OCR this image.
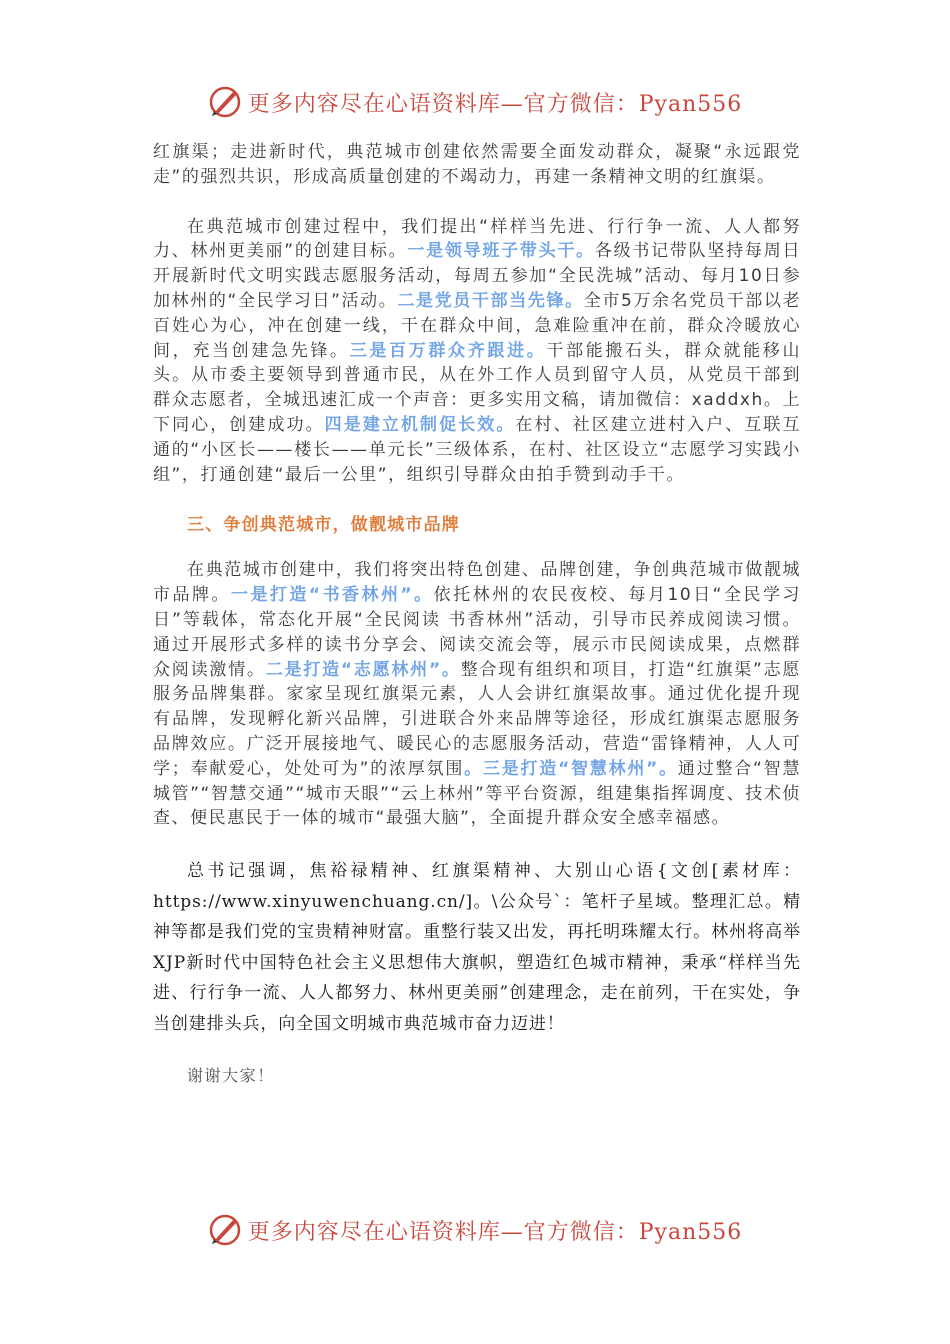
更多内容尽在心语资料库—官方微信：Pyan556

红旗渠；走进新时代，典范城市创建依然需要全面发动群众，凝聚“永远跟党走”的强烈共识，形成高质量创建的不竭动力，再建一条精神文明的红旗渠。

在典范城市创建过程中，我们提出“样样当先进、行行争一流、人人都努力、林州更美丽”的创建目标。一是领导班子带头干。各级书记带队坚持每周日开展新时代文明实践志愿服务活动，每周五参加“全民洗城”活动、每月10日参加林州的“全民学习日”活动。二是党员干部当先锋。全市5万余名党员干部以老百姓心为心，冲在创建一线，干在群众中间，急难险重冲在前，群众冷暖放心间，充当创建急先锋。三是百万群众齐跟进。干部能搬石头，群众就能移山头。从市委主要领导到普通市民，从在外工作人员到留守人员，从党员干部到群众志愿者，全城迅速汇成一个声音：更多实用文稿，请加微信：xaddxh。上下同心，创建成功。四是建立机制促长效。在村、社区建立进村入户、互联互通的“小区长——楼长——单元长”三级体系，在村、社区设立“志愿学习实践小组”，打通创建“最后一公里”，组织引导群众由拍手赞到动手干。

三、争创典范城市，做靓城市品牌

在典范城市创建中，我们将突出特色创建、品牌创建，争创典范城市做靓城市品牌。一是打造“书香林州”。依托林州的农民夜校、每月10日“全民学习日”等载体，常态化开展“全民阅读 书香林州”活动，引导市民养成阅读习惯。通过开展形式多样的读书分享会、阅读交流会等，展示市民阅读成果，点燃群众阅读激情。二是打造“志愿林州”。整合现有组织和项目，打造“红旗渠”志愿服务品牌集群。家家呈现红旗渠元素，人人会讲红旗渠故事。通过优化提升现有品牌，发现孵化新兴品牌，引进联合外来品牌等途径，形成红旗渠志愿服务品牌效应。广泛开展接地气、暖民心的志愿服务活动，营造“雷锋精神，人人可学；奉献爱心，处处可为”的浓厚氛围。三是打造“智慧林州”。通过整合“智慧城管”“智慧交通”“城市天眼”“云上林州”等平台资源，组建集指挥调度、技术侦查、便民惠民于一体的城市“最强大脑”，全面提升群众安全感幸福感。

总书记强调，焦裕禄精神、红旗渠精神、大别山心语{文创[素材库：https://www.xinyuwenchuang.cn/]。\公众号`：笔杆子星域。整理汇总。精神等都是我们党的宝贵精神财富。重整行装又出发，再托明珠耀太行。林州将高举XJP新时代中国特色社会主义思想伟大旗帜，塑造红色城市精神，秉承“样样当先进、行行争一流、人人都努力、林州更美丽”创建理念，走在前列，干在实处，争当创建排头兵，向全国文明城市典范城市奋力迈进！

谢谢大家！

更多内容尽在心语资料库—官方微信：Pyan556
